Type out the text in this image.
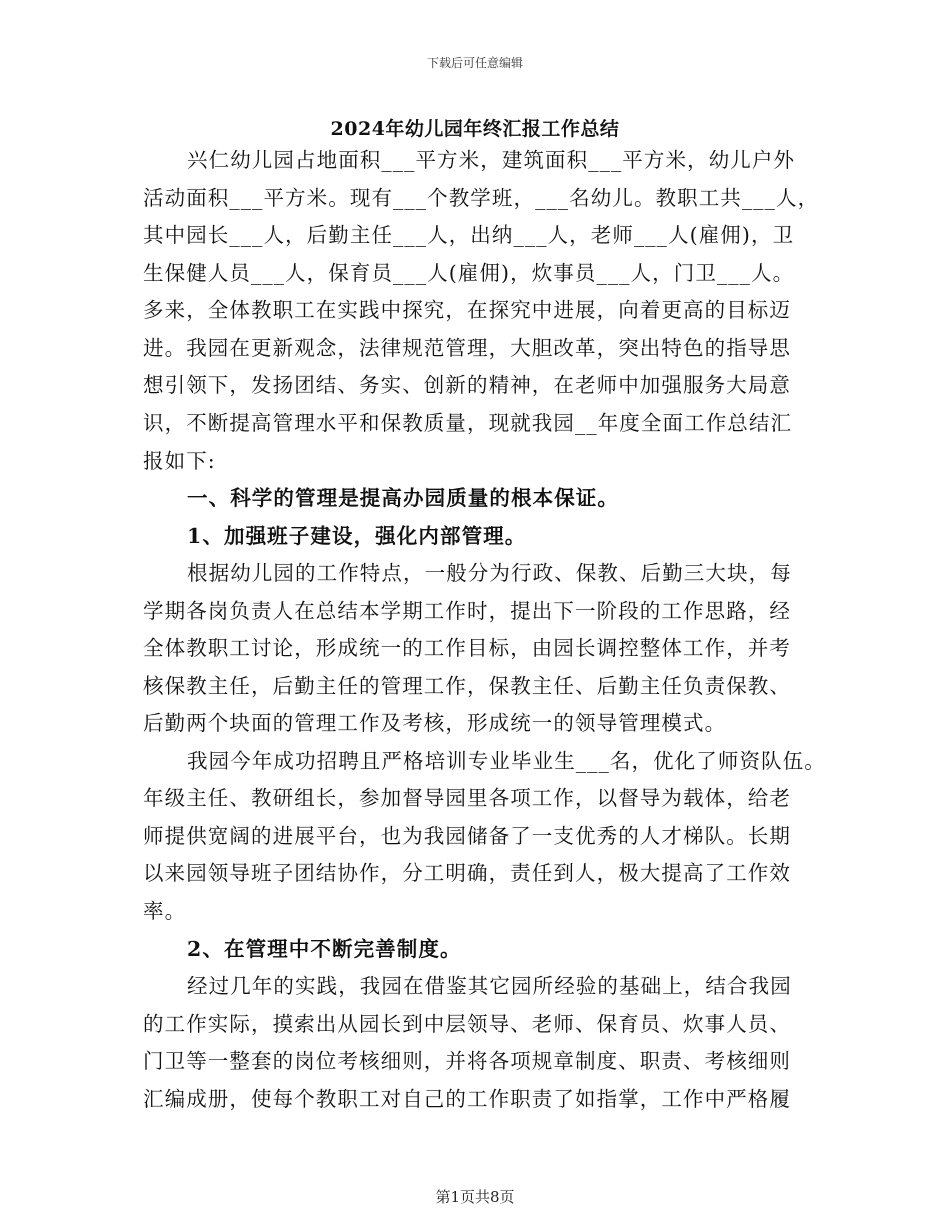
下载后可任意编辑
2024年幼儿园年终汇报工作总结
兴仁幼儿园占地面积___平方米，建筑面积___平方米，幼儿户外
活动面积___平方米。现有___个教学班，___名幼儿。教职工共___人，
其中园长___人，后勤主任___人，出纳___人，老师___人(雇佣)，卫
生保健人员___人，保育员___人(雇佣)，炊事员___人，门卫___人。
多来，全体教职工在实践中探究，在探究中进展，向着更高的目标迈
进。我园在更新观念，法律规范管理，大胆改革，突出特色的指导思
想引领下，发扬团结、务实、创新的精神，在老师中加强服务大局意
识，不断提高管理水平和保教质量，现就我园__年度全面工作总结汇
报如下:
一、科学的管理是提高办园质量的根本保证。
1、加强班子建设，强化内部管理。
根据幼儿园的工作特点，一般分为行政、保教、后勤三大块，每
学期各岗负责人在总结本学期工作时，提出下一阶段的工作思路，经
全体教职工讨论，形成统一的工作目标，由园长调控整体工作，并考
核保教主任，后勤主任的管理工作，保教主任、后勤主任负责保教、
后勤两个块面的管理工作及考核，形成统一的领导管理模式。
我园今年成功招聘且严格培训专业毕业生___名，优化了师资队伍。
年级主任、教研组长，参加督导园里各项工作，以督导为载体，给老
师提供宽阔的进展平台，也为我园储备了一支优秀的人才梯队。长期
以来园领导班子团结协作，分工明确，责任到人，极大提高了工作效
率。
2、在管理中不断完善制度。
经过几年的实践，我园在借鉴其它园所经验的基础上，结合我园
的工作实际，摸索出从园长到中层领导、老师、保育员、炊事人员、
门卫等一整套的岗位考核细则，并将各项规章制度、职责、考核细则
汇编成册，使每个教职工对自己的工作职责了如指掌，工作中严格履
第1页共8页
